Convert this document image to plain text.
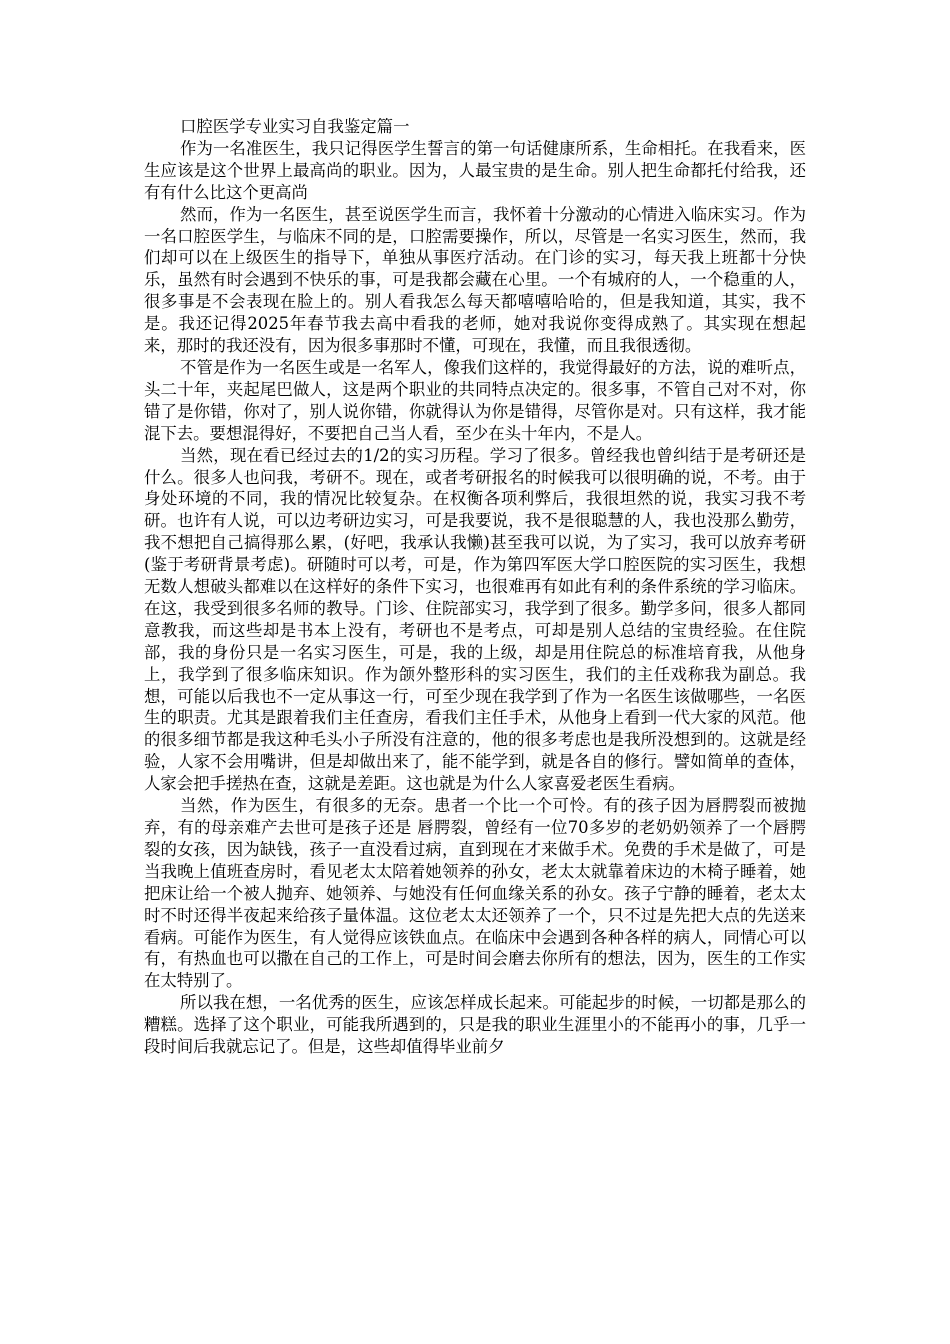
口腔医学专业实习自我鉴定篇一

作为一名准医生，我只记得医学生誓言的第一句话健康所系，生命相托。在我看来，医生应该是这个世界上最高尚的职业。因为，人最宝贵的是生命。别人把生命都托付给我，还有有什么比这个更高尚

然而，作为一名医生，甚至说医学生而言，我怀着十分激动的心情进入临床实习。作为一名口腔医学生，与临床不同的是，口腔需要操作，所以，尽管是一名实习医生，然而，我们却可以在上级医生的指导下，单独从事医疗活动。在门诊的实习，每天我上班都十分快乐，虽然有时会遇到不快乐的事，可是我都会藏在心里。一个有城府的人，一个稳重的人，很多事是不会表现在脸上的。别人看我怎么每天都嘻嘻哈哈的，但是我知道，其实，我不是。我还记得2025年春节我去高中看我的老师，她对我说你变得成熟了。其实现在想起来，那时的我还没有，因为很多事那时不懂，可现在，我懂，而且我很透彻。

不管是作为一名医生或是一名军人，像我们这样的，我觉得最好的方法，说的难听点，头二十年，夹起尾巴做人，这是两个职业的共同特点决定的。很多事，不管自己对不对，你错了是你错，你对了，别人说你错，你就得认为你是错得，尽管你是对。只有这样，我才能混下去。要想混得好，不要把自己当人看，至少在头十年内，不是人。

当然，现在看已经过去的1/2的实习历程。学习了很多。曾经我也曾纠结于是考研还是什么。很多人也问我，考研不。现在，或者考研报名的时候我可以很明确的说，不考。由于身处环境的不同，我的情况比较复杂。在权衡各项利弊后，我很坦然的说，我实习我不考研。也许有人说，可以边考研边实习，可是我要说，我不是很聪慧的人，我也没那么勤劳，我不想把自己搞得那么累，(好吧，我承认我懒)甚至我可以说，为了实习，我可以放弃考研(鉴于考研背景考虑)。研随时可以考，可是，作为第四军医大学口腔医院的实习医生，我想无数人想破头都难以在这样好的条件下实习，也很难再有如此有利的条件系统的学习临床。在这，我受到很多名师的教导。门诊、住院部实习，我学到了很多。勤学多问，很多人都同意教我，而这些却是书本上没有，考研也不是考点，可却是别人总结的宝贵经验。在住院部，我的身份只是一名实习医生，可是，我的上级，却是用住院总的标准培育我，从他身上，我学到了很多临床知识。作为颌外整形科的实习医生，我们的主任戏称我为副总。我想，可能以后我也不一定从事这一行，可至少现在我学到了作为一名医生该做哪些，一名医生的职责。尤其是跟着我们主任查房，看我们主任手术，从他身上看到一代大家的风范。他的很多细节都是我这种毛头小子所没有注意的，他的很多考虑也是我所没想到的。这就是经验，人家不会用嘴讲，但是却做出来了，能不能学到，就是各自的修行。譬如简单的查体，人家会把手搓热在查，这就是差距。这也就是为什么人家喜爱老医生看病。

当然，作为医生，有很多的无奈。患者一个比一个可怜。有的孩子因为唇腭裂而被抛弃，有的母亲难产去世可是孩子还是 唇腭裂，曾经有一位70多岁的老奶奶领养了一个唇腭裂的女孩，因为缺钱，孩子一直没看过病，直到现在才来做手术。免费的手术是做了，可是当我晚上值班查房时，看见老太太陪着她领养的孙女，老太太就靠着床边的木椅子睡着，她把床让给一个被人抛弃、她领养、与她没有任何血缘关系的孙女。孩子宁静的睡着，老太太时不时还得半夜起来给孩子量体温。这位老太太还领养了一个，只不过是先把大点的先送来看病。可能作为医生，有人觉得应该铁血点。在临床中会遇到各种各样的病人，同情心可以有，有热血也可以撒在自己的工作上，可是时间会磨去你所有的想法，因为，医生的工作实在太特别了。

所以我在想，一名优秀的医生，应该怎样成长起来。可能起步的时候，一切都是那么的糟糕。选择了这个职业，可能我所遇到的，只是我的职业生涯里小的不能再小的事，几乎一段时间后我就忘记了。但是，这些却值得毕业前夕
